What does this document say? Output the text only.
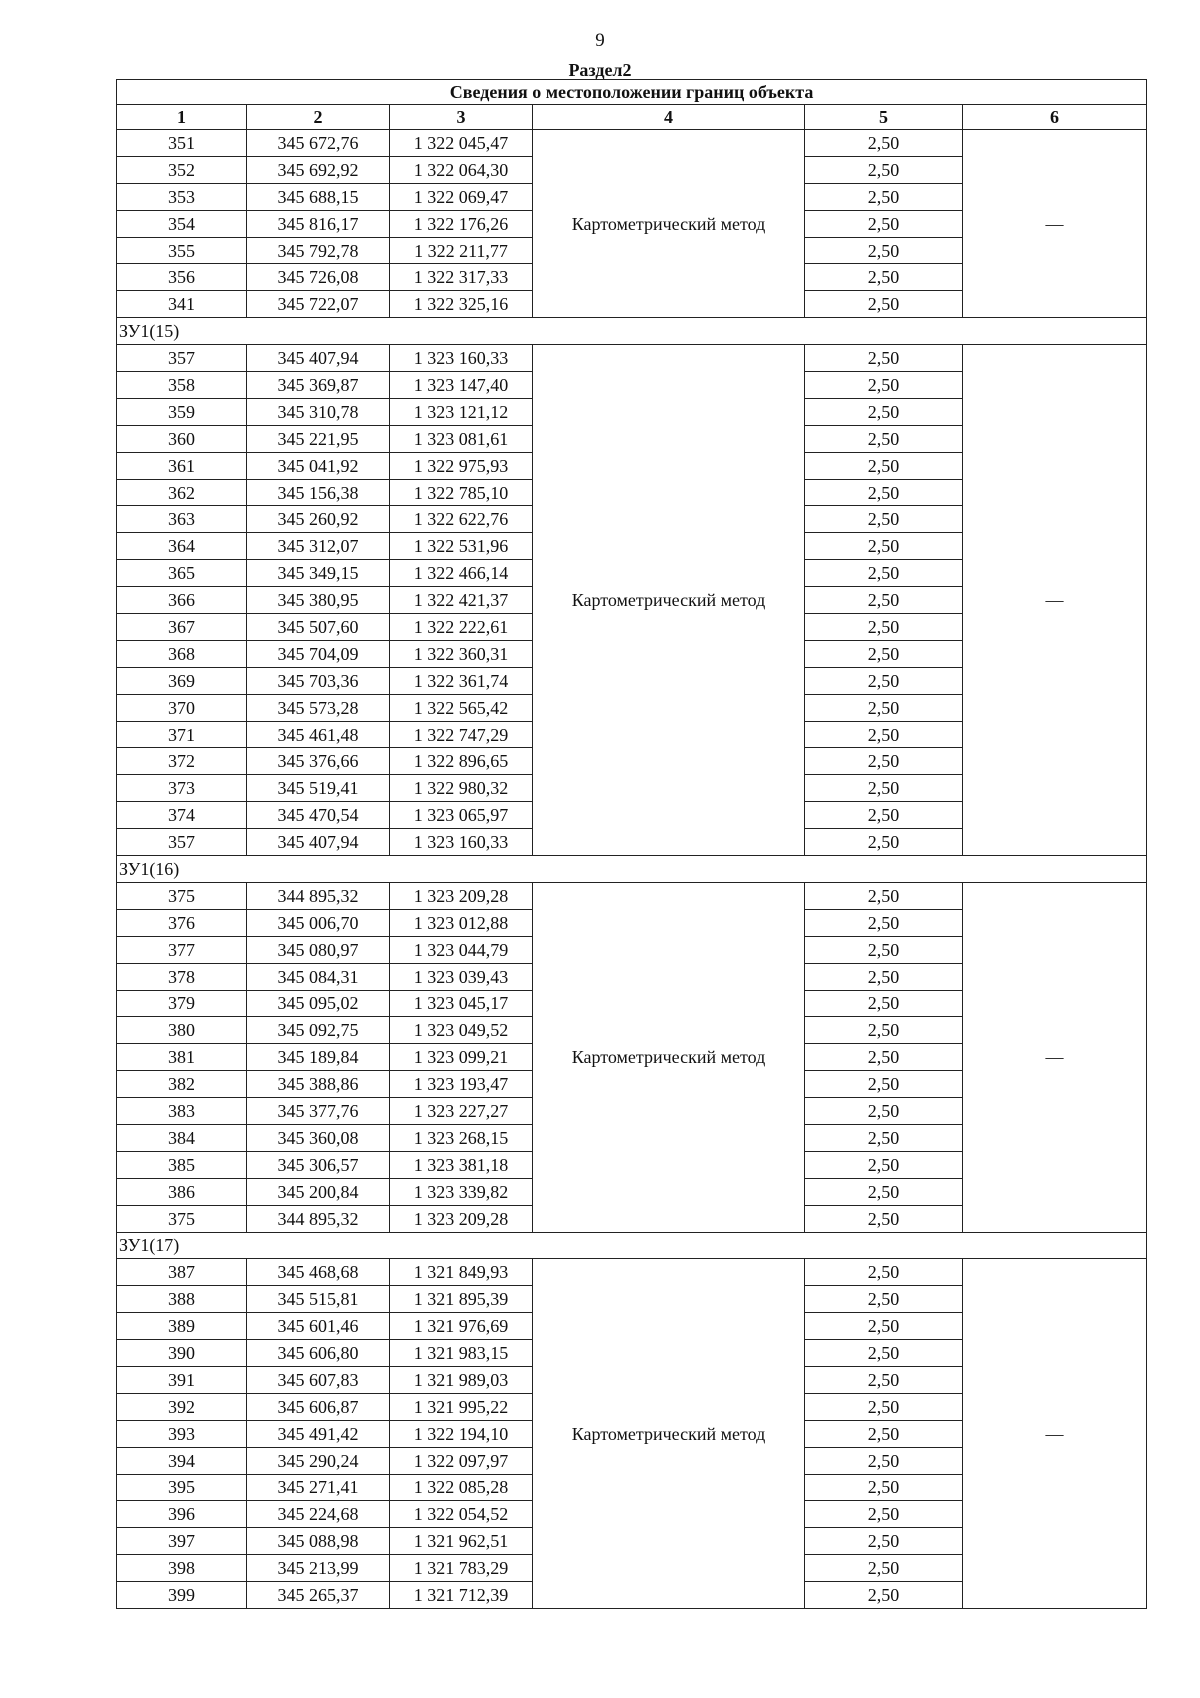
9
Раздел2
Сведения о местоположении границ объекта					
1	2	3	4	5	6
351	345 672,76	1 322 045,47	Картометрический метод	2,50	—
352	345 692,92	1 322 064,30		2,50	
353	345 688,15	1 322 069,47		2,50	
354	345 816,17	1 322 176,26		2,50	
355	345 792,78	1 322 211,77		2,50	
356	345 726,08	1 322 317,33		2,50	
341	345 722,07	1 322 325,16		2,50	
ЗУ1(15)					
357	345 407,94	1 323 160,33	Картометрический метод	2,50	—
358	345 369,87	1 323 147,40		2,50	
359	345 310,78	1 323 121,12		2,50	
360	345 221,95	1 323 081,61		2,50	
361	345 041,92	1 322 975,93		2,50	
362	345 156,38	1 322 785,10		2,50	
363	345 260,92	1 322 622,76		2,50	
364	345 312,07	1 322 531,96		2,50	
365	345 349,15	1 322 466,14		2,50	
366	345 380,95	1 322 421,37		2,50	
367	345 507,60	1 322 222,61		2,50	
368	345 704,09	1 322 360,31		2,50	
369	345 703,36	1 322 361,74		2,50	
370	345 573,28	1 322 565,42		2,50	
371	345 461,48	1 322 747,29		2,50	
372	345 376,66	1 322 896,65		2,50	
373	345 519,41	1 322 980,32		2,50	
374	345 470,54	1 323 065,97		2,50	
357	345 407,94	1 323 160,33		2,50	
ЗУ1(16)					
375	344 895,32	1 323 209,28	Картометрический метод	2,50	—
376	345 006,70	1 323 012,88		2,50	
377	345 080,97	1 323 044,79		2,50	
378	345 084,31	1 323 039,43		2,50	
379	345 095,02	1 323 045,17		2,50	
380	345 092,75	1 323 049,52		2,50	
381	345 189,84	1 323 099,21		2,50	
382	345 388,86	1 323 193,47		2,50	
383	345 377,76	1 323 227,27		2,50	
384	345 360,08	1 323 268,15		2,50	
385	345 306,57	1 323 381,18		2,50	
386	345 200,84	1 323 339,82		2,50	
375	344 895,32	1 323 209,28		2,50	
ЗУ1(17)					
387	345 468,68	1 321 849,93	Картометрический метод	2,50	—
388	345 515,81	1 321 895,39		2,50	
389	345 601,46	1 321 976,69		2,50	
390	345 606,80	1 321 983,15		2,50	
391	345 607,83	1 321 989,03		2,50	
392	345 606,87	1 321 995,22		2,50	
393	345 491,42	1 322 194,10		2,50	
394	345 290,24	1 322 097,97		2,50	
395	345 271,41	1 322 085,28		2,50	
396	345 224,68	1 322 054,52		2,50	
397	345 088,98	1 321 962,51		2,50	
398	345 213,99	1 321 783,29		2,50	
399	345 265,37	1 321 712,39		2,50	
